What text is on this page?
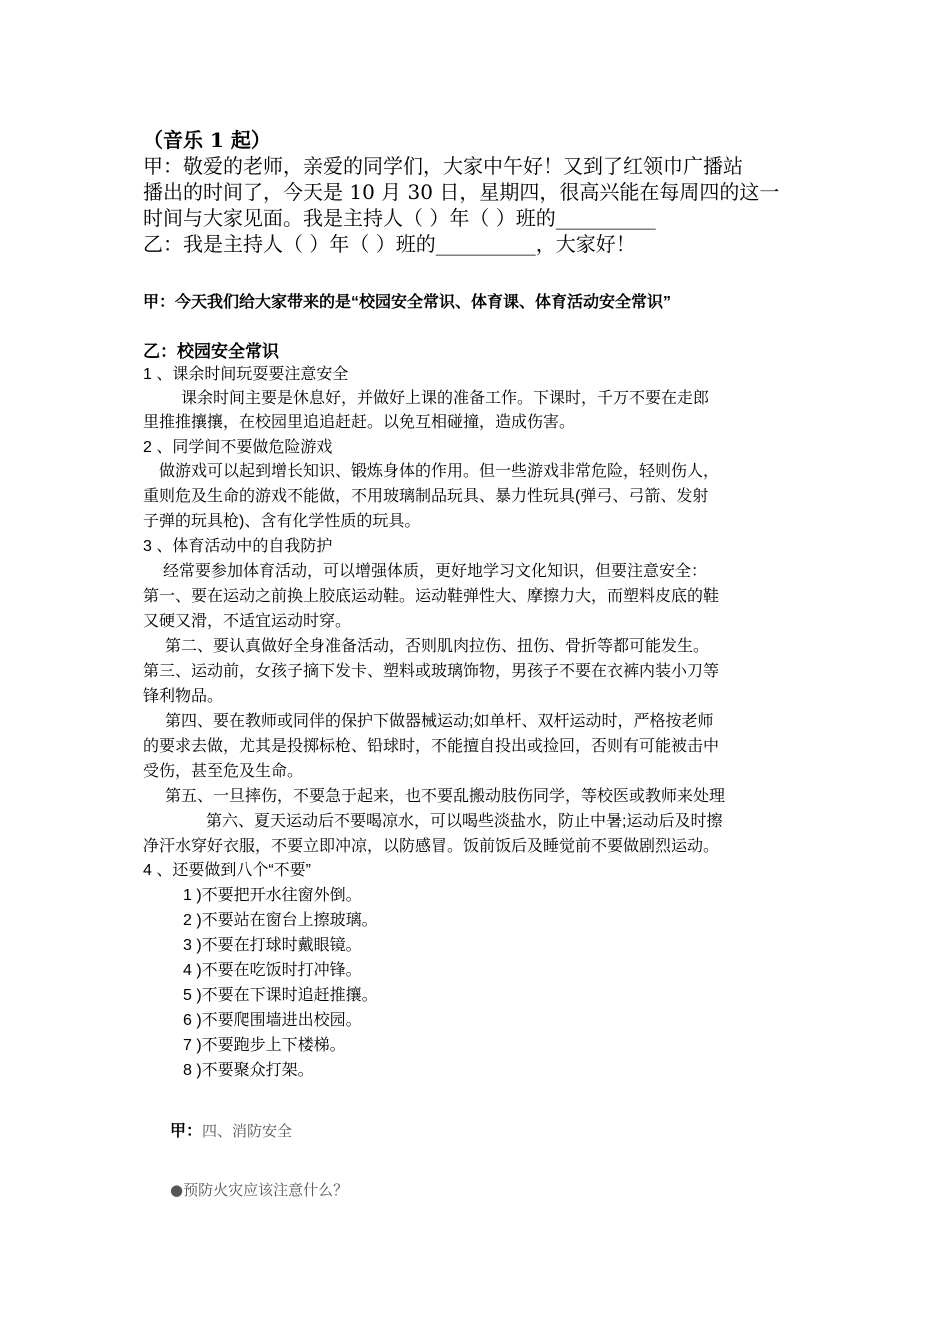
（音乐 1 起）
甲：敬爱的老师，亲爱的同学们，大家中午好！又到了红领巾广播站
播出的时间了，今天是 10 月 30 日，星期四，很高兴能在每周四的这一
时间与大家见面。我是主持人（ ）年（ ）班的__________
乙：我是主持人（ ）年（ ）班的__________，大家好！
甲：今天我们给大家带来的是“校园安全常识、体育课、体育活动安全常识”
乙：校园安全常识
1 、课余时间玩耍要注意安全
课余时间主要是休息好，并做好上课的准备工作。下课时，千万不要在走郎
里推推攘攘，在校园里追追赶赶。以免互相碰撞，造成伤害。
2 、同学间不要做危险游戏
做游戏可以起到增长知识、锻炼身体的作用。但一些游戏非常危险，轻则伤人，
重则危及生命的游戏不能做，不用玻璃制品玩具、暴力性玩具(弹弓、弓箭、发射
子弹的玩具枪)、含有化学性质的玩具。
3 、体育活动中的自我防护
经常要参加体育活动，可以增强体质，更好地学习文化知识，但要注意安全：
第一、要在运动之前换上胶底运动鞋。运动鞋弹性大、摩擦力大，而塑料皮底的鞋
又硬又滑，不适宜运动时穿。
第二、要认真做好全身准备活动，否则肌肉拉伤、扭伤、骨折等都可能发生。
第三、运动前，女孩子摘下发卡、塑料或玻璃饰物，男孩子不要在衣裤内装小刀等
锋利物品。
第四、要在教师或同伴的保护下做器械运动;如单杆、双杆运动时，严格按老师
的要求去做，尤其是投掷标枪、铅球时，不能擅自投出或捡回，否则有可能被击中
受伤，甚至危及生命。
第五、一旦摔伤，不要急于起来，也不要乱搬动肢伤同学，等校医或教师来处理
第六、夏天运动后不要喝凉水，可以喝些淡盐水，防止中暑;运动后及时擦
净汗水穿好衣服，不要立即冲凉，以防感冒。饭前饭后及睡觉前不要做剧烈运动。
4 、还要做到八个“不要”
1 )不要把开水往窗外倒。
2 )不要站在窗台上擦玻璃。
3 )不要在打球时戴眼镜。
4 )不要在吃饭时打冲锋。
5 )不要在下课时追赶推攘。
6 )不要爬围墙进出校园。
7 )不要跑步上下楼梯。
8 )不要聚众打架。
甲：四、消防安全
●预防火灾应该注意什么？
